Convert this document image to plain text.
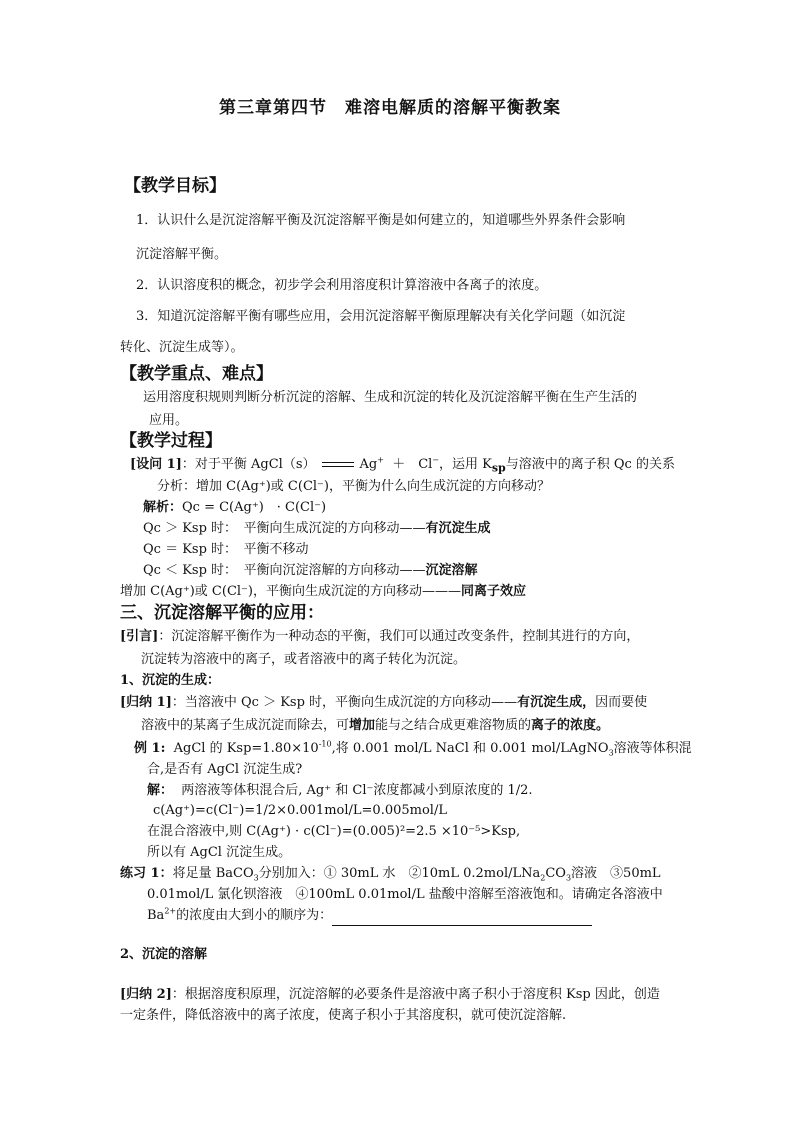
第三章第四节　难溶电解质的溶解平衡教案
【教学目标】
1．认识什么是沉淀溶解平衡及沉淀溶解平衡是如何建立的，知道哪些外界条件会影响
沉淀溶解平衡。
2．认识溶度积的概念，初步学会利用溶度积计算溶液中各离子的浓度。
3．知道沉淀溶解平衡有哪些应用，会用沉淀溶解平衡原理解决有关化学问题（如沉淀
转化、沉淀生成等）。
【教学重点、难点】
运用溶度积规则判断分析沉淀的溶解、生成和沉淀的转化及沉淀溶解平衡在生产生活的
应用。
【教学过程】
[设问 1]：对于平衡 AgCl（s）	Ag+ ＋　Cl−，运用 $K_{sp}$与溶液中的离子积 Qc 的关系
分析：增加 C(Ag⁺)或 C(Cl⁻)，平衡为什么向生成沉淀的方向移动？
解析：Qc = C(Ag⁺)　· C(Cl⁻)
Qc ＞ Ksp 时：　平衡向生成沉淀的方向移动——有沉淀生成
Qc ＝ Ksp 时：　平衡不移动
Qc ＜ Ksp 时：　平衡向沉淀溶解的方向移动——沉淀溶解
增加 C(Ag⁺)或 C(Cl⁻)，平衡向生成沉淀的方向移动———同离子效应
三、沉淀溶解平衡的应用：
[引言]：沉淀溶解平衡作为一种动态的平衡，我们可以通过改变条件，控制其进行的方向，
沉淀转为溶液中的离子，或者溶液中的离子转化为沉淀。
1、沉淀的生成：
[归纳 1]：当溶液中 Qc ＞ Ksp 时，平衡向生成沉淀的方向移动——有沉淀生成，因而要使
溶液中的某离子生成沉淀而除去，可增加能与之结合成更难溶物质的离子的浓度。
例 1: AgCl 的 $Ksp=1.80\times 10^{-10}$,将 0.001 mol/L NaCl 和 0.001 mol/LAgNO$_3$溶液等体积混
合,是否有 AgCl 沉淀生成?
解： 两溶液等体积混合后, Ag⁺ 和 Cl⁻浓度都减小到原浓度的 1/2.
c(Ag⁺)=c(Cl⁻)=1/2×0.001mol/L=0.005mol/L
在混合溶液中,则 C(Ag⁺) · c(Cl⁻)=(0.005)²=2.5 ×10⁻⁵>Ksp,
所以有 AgCl 沉淀生成。
练习 1：将足量 BaCO$_3$分别加入：① 30mL 水　②10mL $0.2mol/LNa_2CO_3$溶液　③50mL
0.01mol/L 氯化钡溶液　④100mL 0.01mol/L 盐酸中溶解至溶液饱和。请确定各溶液中
$Ba^{2+}$的浓度由大到小的顺序为：
2、沉淀的溶解
[归纳 2]：根据溶度积原理，沉淀溶解的必要条件是溶液中离子积小于溶度积 Ksp 因此，创造
一定条件，降低溶液中的离子浓度，使离子积小于其溶度积，就可使沉淀溶解.
